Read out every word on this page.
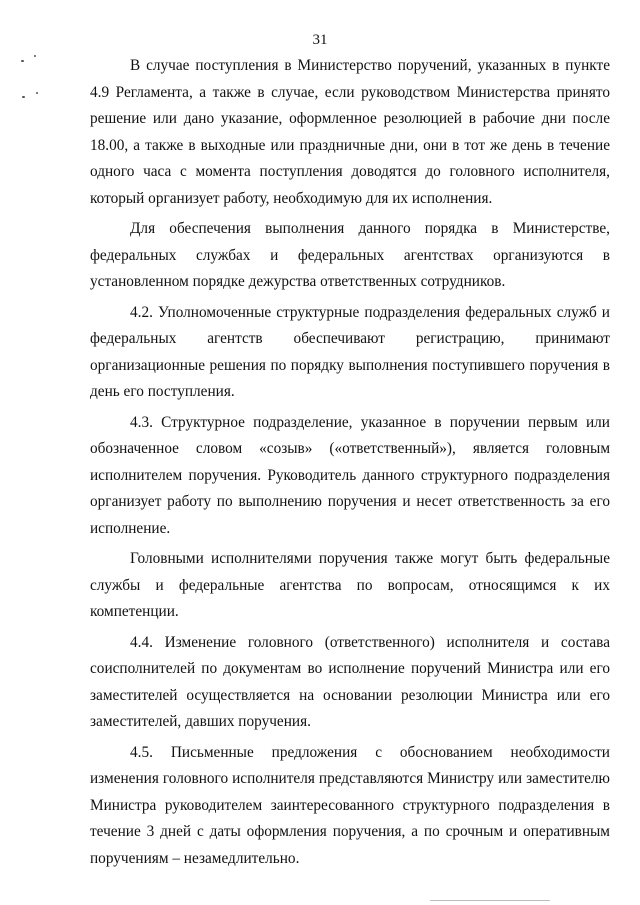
31

В случае поступления в Министерство поручений, указанных в пункте 4.9 Регламента, а также в случае, если руководством Министерства принято решение или дано указание, оформленное резолюцией в рабочие дни после 18.00, а также в выходные или праздничные дни, они в тот же день в течение одного часа с момента поступления доводятся до головного исполнителя, который организует работу, необходимую для их исполнения.

Для обеспечения выполнения данного порядка в Министерстве, федеральных службах и федеральных агентствах организуются в установленном порядке дежурства ответственных сотрудников.

4.2. Уполномоченные структурные подразделения федеральных служб и федеральных агентств обеспечивают регистрацию, принимают организационные решения по порядку выполнения поступившего поручения в день его поступления.

4.3. Структурное подразделение, указанное в поручении первым или обозначенное словом «созыв» («ответственный»), является головным исполнителем поручения. Руководитель данного структурного подразделения организует работу по выполнению поручения и несет ответственность за его исполнение.

Головными исполнителями поручения также могут быть федеральные службы и федеральные агентства по вопросам, относящимся к их компетенции.

4.4. Изменение головного (ответственного) исполнителя и состава соисполнителей по документам во исполнение поручений Министра или его заместителей осуществляется на основании резолюции Министра или его заместителей, давших поручения.

4.5. Письменные предложения с обоснованием необходимости изменения головного исполнителя представляются Министру или заместителю Министра руководителем заинтересованного структурного подразделения в течение 3 дней с даты оформления поручения, а по срочным и оперативным поручениям – незамедлительно.
